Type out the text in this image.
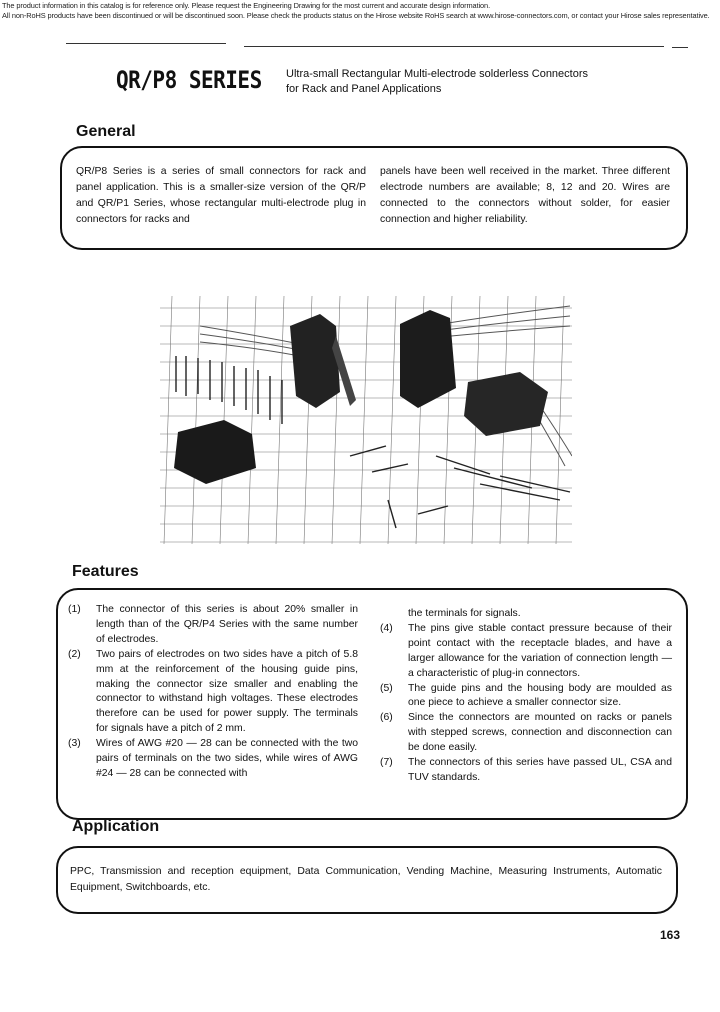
The product information in this catalog is for reference only. Please request the Engineering Drawing for the most current and accurate design information.
All non-RoHS products have been discontinued or will be discontinued soon. Please check the products status on the Hirose website RoHS search at www.hirose-connectors.com, or contact your Hirose sales representative.
QR/P8 SERIES Ultra-small Rectangular Multi-electrode solderless Connectors
for Rack and Panel Applications
General

QR/P8 Series is a series of small connectors for rack and panel application. This is a smaller-size version of the QR/P and QR/P1 Series, whose rectangular multi-electrode plug in connectors for racks and

panels have been well received in the market. Three different electrode numbers are available; 8, 12 and 20. Wires are connected to the connectors without solder, for easier connection and higher reliability.

Features
(1)	The connector of this series is about 20% smaller in length than of the QR/P4 Series with the same number of electrodes.
(2)	Two pairs of electrodes on two sides have a pitch of 5.8 mm at the reinforcement of the housing guide pins, making the connector size smaller and enabling the connector to withstand high voltages. These electrodes therefore can be used for power supply. The terminals for signals have a pitch of 2 mm.
(3)	Wires of AWG #20 — 28 can be connected with the two pairs of terminals on the two sides, while wires of AWG #24 — 28 can be connected with
the terminals for signals.
(4)	The pins give stable contact pressure because of their point contact with the receptacle blades, and have a larger allowance for the variation of connection length — a characteristic of plug-in connectors.
(5)	The guide pins and the housing body are moulded as one piece to achieve a smaller connector size.
(6)	Since the connectors are mounted on racks or panels with stepped screws, connection and disconnection can be done easily.
(7)	The connectors of this series have passed UL, CSA and TUV standards.
Application

PPC, Transmission and reception equipment, Data Communication, Vending Machine, Measuring Instruments, Automatic Equipment, Switchboards, etc.

163
